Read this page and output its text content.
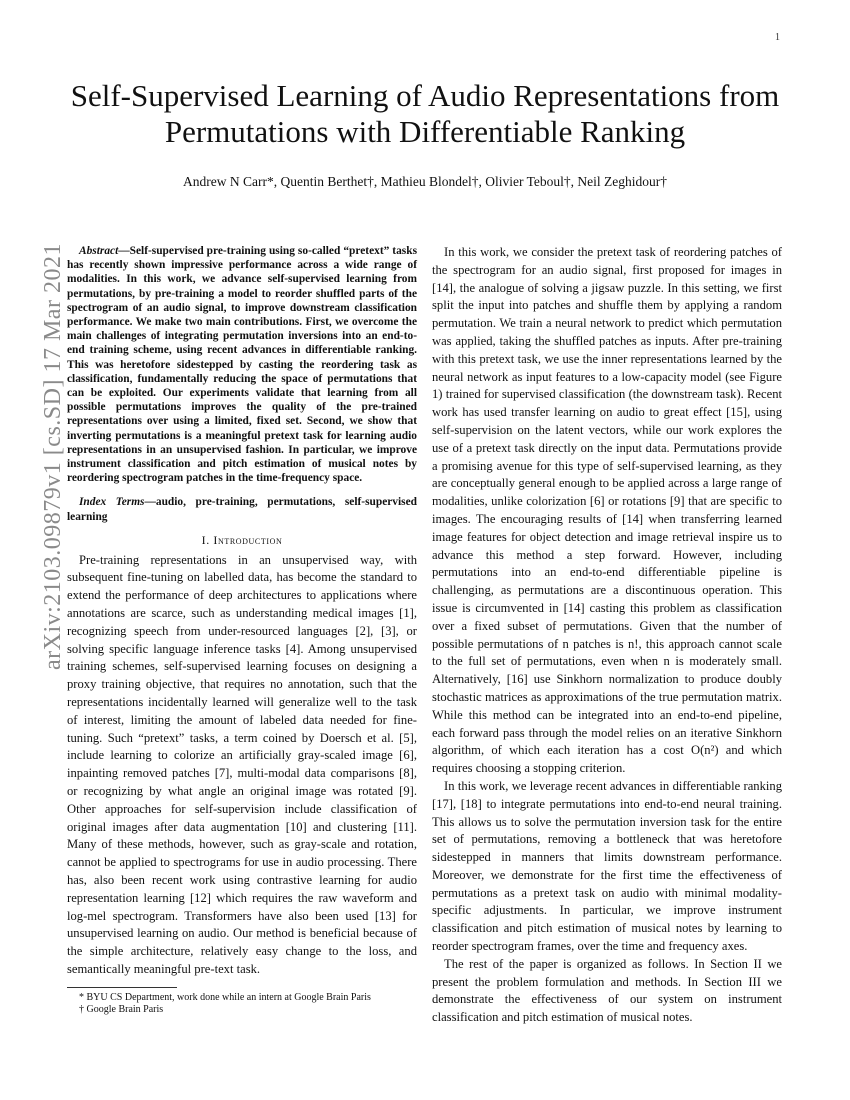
1
arXiv:2103.09879v1 [cs.SD] 17 Mar 2021
Self-Supervised Learning of Audio Representations from Permutations with Differentiable Ranking
Andrew N Carr*, Quentin Berthet†, Mathieu Blondel†, Olivier Teboul†, Neil Zeghidour†

Abstract—Self-supervised pre-training using so-called “pretext” tasks has recently shown impressive performance across a wide range of modalities. In this work, we advance self-supervised learning from permutations, by pre-training a model to reorder shuffled parts of the spectrogram of an audio signal, to improve downstream classification performance. We make two main contributions. First, we overcome the main challenges of integrating permutation inversions into an end-to-end training scheme, using recent advances in differentiable ranking. This was heretofore sidestepped by casting the reordering task as classification, fundamentally reducing the space of permutations that can be exploited. Our experiments validate that learning from all possible permutations improves the quality of the pre-trained representations over using a limited, fixed set. Second, we show that inverting permutations is a meaningful pretext task for learning audio representations in an unsupervised fashion. In particular, we improve instrument classification and pitch estimation of musical notes by reordering spectrogram patches in the time-frequency space.

Index Terms—audio, pre-training, permutations, self-supervised learning

I. Introduction

Pre-training representations in an unsupervised way, with subsequent fine-tuning on labelled data, has become the standard to extend the performance of deep architectures to applications where annotations are scarce, such as understanding medical images [1], recognizing speech from under-resourced languages [2], [3], or solving specific language inference tasks [4]. Among unsupervised training schemes, self-supervised learning focuses on designing a proxy training objective, that requires no annotation, such that the representations incidentally learned will generalize well to the task of interest, limiting the amount of labeled data needed for fine-tuning. Such “pretext” tasks, a term coined by Doersch et al. [5], include learning to colorize an artificially gray-scaled image [6], inpainting removed patches [7], multi-modal data comparisons [8], or recognizing by what angle an original image was rotated [9]. Other approaches for self-supervision include classification of original images after data augmentation [10] and clustering [11]. Many of these methods, however, such as gray-scale and rotation, cannot be applied to spectrograms for use in audio processing. There has, also been recent work using contrastive learning for audio representation learning [12] which requires the raw waveform and log-mel spectrogram. Transformers have also been used [13] for unsupervised learning on audio. Our method is beneficial because of the simple architecture, relatively easy change to the loss, and semantically meaningful pre-text task.

* BYU CS Department, work done while an intern at Google Brain Paris

† Google Brain Paris

In this work, we consider the pretext task of reordering patches of the spectrogram for an audio signal, first proposed for images in [14], the analogue of solving a jigsaw puzzle. In this setting, we first split the input into patches and shuffle them by applying a random permutation. We train a neural network to predict which permutation was applied, taking the shuffled patches as inputs. After pre-training with this pretext task, we use the inner representations learned by the neural network as input features to a low-capacity model (see Figure 1) trained for supervised classification (the downstream task). Recent work has used transfer learning on audio to great effect [15], using self-supervision on the latent vectors, while our work explores the use of a pretext task directly on the input data. Permutations provide a promising avenue for this type of self-supervised learning, as they are conceptually general enough to be applied across a large range of modalities, unlike colorization [6] or rotations [9] that are specific to images. The encouraging results of [14] when transferring learned image features for object detection and image retrieval inspire us to advance this method a step forward. However, including permutations into an end-to-end differentiable pipeline is challenging, as permutations are a discontinuous operation. This issue is circumvented in [14] casting this problem as classification over a fixed subset of permutations. Given that the number of possible permutations of n patches is n!, this approach cannot scale to the full set of permutations, even when n is moderately small. Alternatively, [16] use Sinkhorn normalization to produce doubly stochastic matrices as approximations of the true permutation matrix. While this method can be integrated into an end-to-end pipeline, each forward pass through the model relies on an iterative Sinkhorn algorithm, of which each iteration has a cost O(n²) and which requires choosing a stopping criterion.

In this work, we leverage recent advances in differentiable ranking [17], [18] to integrate permutations into end-to-end neural training. This allows us to solve the permutation inversion task for the entire set of permutations, removing a bottleneck that was heretofore sidestepped in manners that limits downstream performance. Moreover, we demonstrate for the first time the effectiveness of permutations as a pretext task on audio with minimal modality-specific adjustments. In particular, we improve instrument classification and pitch estimation of musical notes by learning to reorder spectrogram frames, over the time and frequency axes.

The rest of the paper is organized as follows. In Section II we present the problem formulation and methods. In Section III we demonstrate the effectiveness of our system on instrument classification and pitch estimation of musical notes.
